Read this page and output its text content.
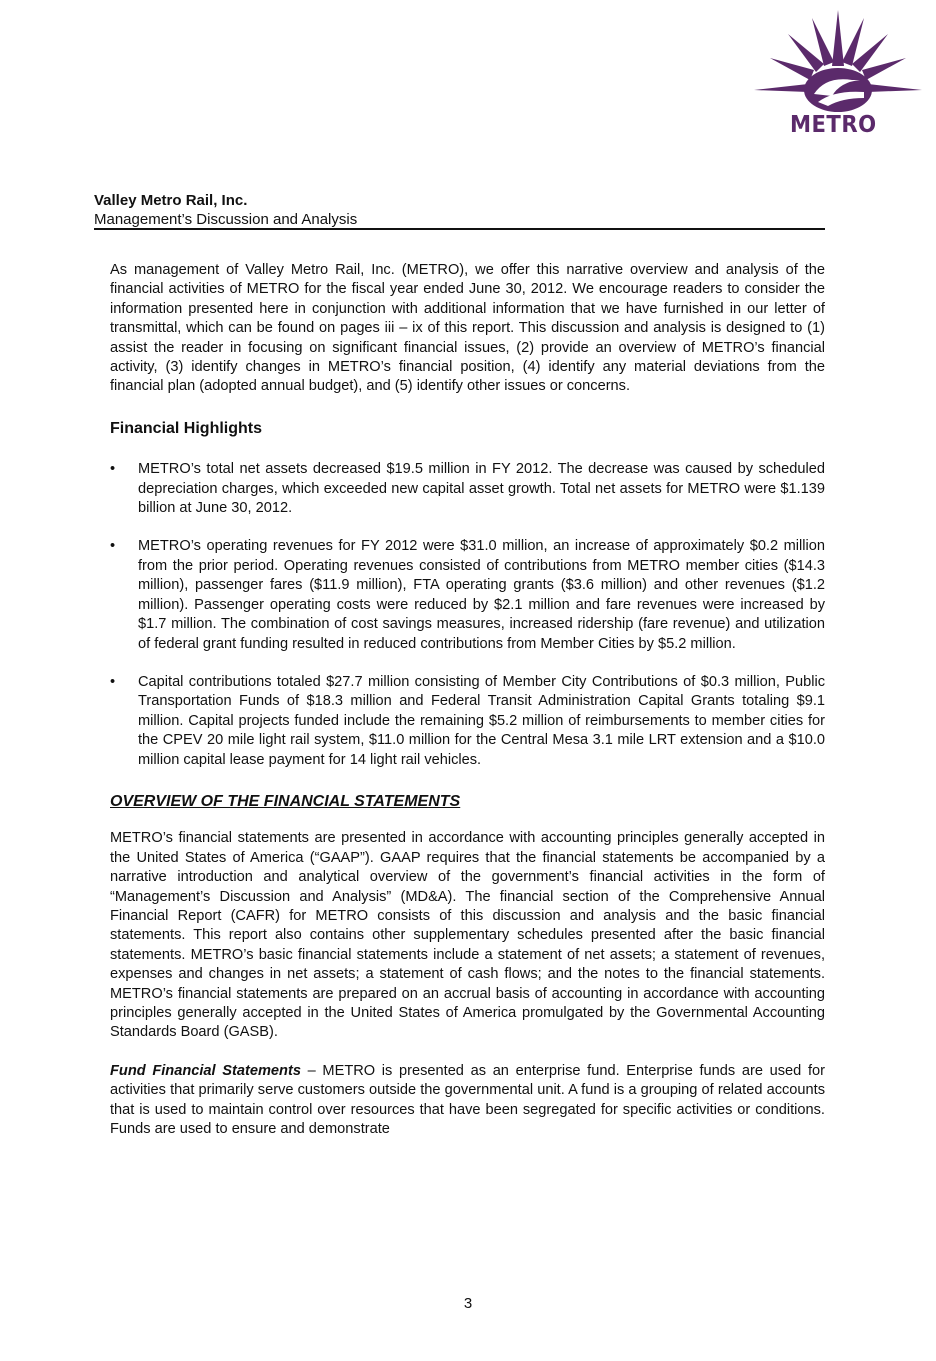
METRO
Valley Metro Rail, Inc.
Management’s Discussion and Analysis

As management of Valley Metro Rail, Inc. (METRO), we offer this narrative overview and analysis of the financial activities of METRO for the fiscal year ended June 30, 2012. We encourage readers to consider the information presented here in conjunction with additional information that we have furnished in our letter of transmittal, which can be found on pages iii – ix of this report. This discussion and analysis is designed to (1) assist the reader in focusing on significant financial issues, (2) provide an overview of METRO’s financial activity, (3) identify changes in METRO’s financial position, (4) identify any material deviations from the financial plan (adopted annual budget), and (5) identify other issues or concerns.

Financial Highlights
• METRO’s total net assets decreased $19.5 million in FY 2012. The decrease was caused by scheduled depreciation charges, which exceeded new capital asset growth. Total net assets for METRO were $1.139 billion at June 30, 2012.
• METRO’s operating revenues for FY 2012 were $31.0 million, an increase of approximately $0.2 million from the prior period. Operating revenues consisted of contributions from METRO member cities ($14.3 million), passenger fares ($11.9 million), FTA operating grants ($3.6 million) and other revenues ($1.2 million). Passenger operating costs were reduced by $2.1 million and fare revenues were increased by $1.7 million. The combination of cost savings measures, increased ridership (fare revenue) and utilization of federal grant funding resulted in reduced contributions from Member Cities by $5.2 million.
• Capital contributions totaled $27.7 million consisting of Member City Contributions of $0.3 million, Public Transportation Funds of $18.3 million and Federal Transit Administration Capital Grants totaling $9.1 million. Capital projects funded include the remaining $5.2 million of reimbursements to member cities for the CPEV 20 mile light rail system, $11.0 million for the Central Mesa 3.1 mile LRT extension and a $10.0 million capital lease payment for 14 light rail vehicles.
OVERVIEW OF THE FINANCIAL STATEMENTS

METRO’s financial statements are presented in accordance with accounting principles generally accepted in the United States of America (“GAAP”). GAAP requires that the financial statements be accompanied by a narrative introduction and analytical overview of the government’s financial activities in the form of “Management’s Discussion and Analysis” (MD&A). The financial section of the Comprehensive Annual Financial Report (CAFR) for METRO consists of this discussion and analysis and the basic financial statements. This report also contains other supplementary schedules presented after the basic financial statements. METRO’s basic financial statements include a statement of net assets; a statement of revenues, expenses and changes in net assets; a statement of cash flows; and the notes to the financial statements. METRO’s financial statements are prepared on an accrual basis of accounting in accordance with accounting principles generally accepted in the United States of America promulgated by the Governmental Accounting Standards Board (GASB).

Fund Financial Statements – METRO is presented as an enterprise fund. Enterprise funds are used for activities that primarily serve customers outside the governmental unit. A fund is a grouping of related accounts that is used to maintain control over resources that have been segregated for specific activities or conditions. Funds are used to ensure and demonstrate

3
